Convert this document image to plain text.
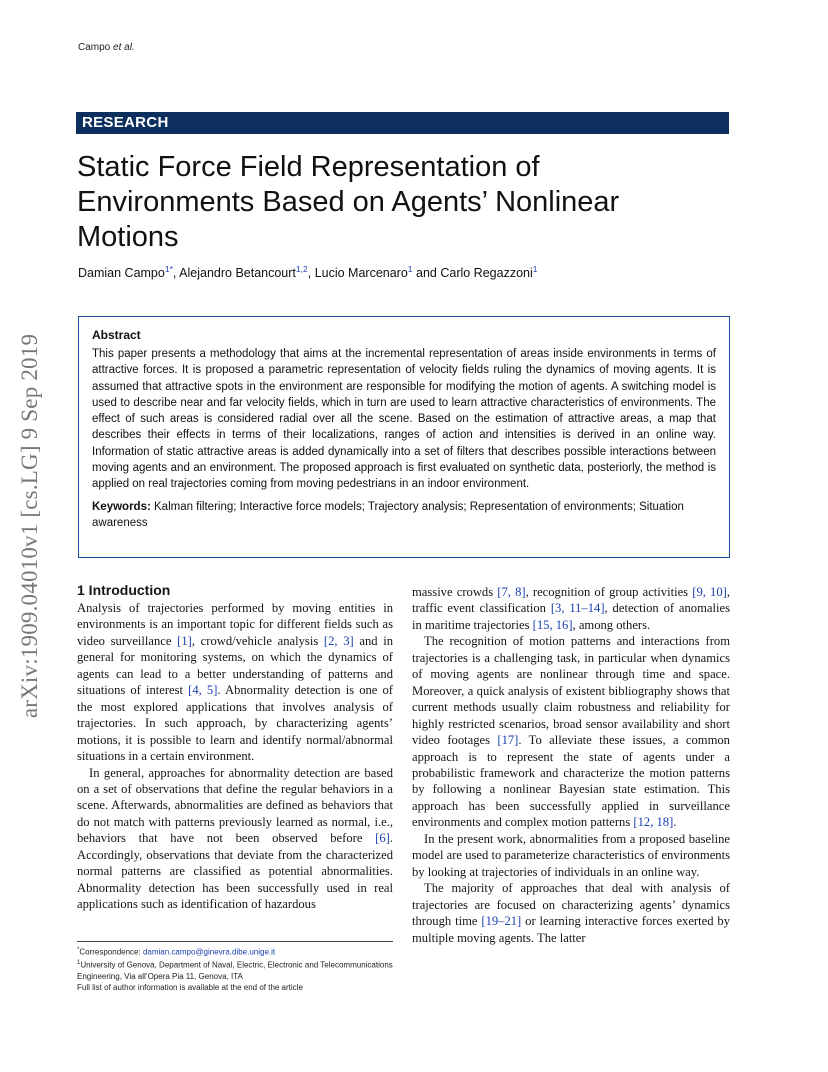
Campo et al.
RESEARCH
Static Force Field Representation of Environments Based on Agents’ Nonlinear Motions
Damian Campo$^{1*}$, Alejandro Betancourt$^{1,2}$, Lucio Marcenaro$^1$ and Carlo Regazzoni$^1$
arXiv:1909.04010v1 [cs.LG] 9 Sep 2019	Abstract
This paper presents a methodology that aims at the incremental representation of areas inside environments in terms of attractive forces. It is proposed a parametric representation of velocity fields ruling the dynamics of moving agents. It is assumed that attractive spots in the environment are responsible for modifying the motion of agents. A switching model is used to describe near and far velocity fields, which in turn are used to learn attractive characteristics of environments. The effect of such areas is considered radial over all the scene. Based on the estimation of attractive areas, a map that describes their effects in terms of their localizations, ranges of action and intensities is derived in an online way. Information of static attractive areas is added dynamically into a set of filters that describes possible interactions between moving agents and an environment. The proposed approach is first evaluated on synthetic data, posteriorly, the method is applied on real trajectories coming from moving pedestrians in an indoor environment.
Keywords: Kalman filtering; Interactive force models; Trajectory analysis; Representation of environments; Situation awareness
1 Introduction

Analysis of trajectories performed by moving entities in environments is an important topic for different fields such as video surveillance [1], crowd/vehicle analysis [2, 3] and in general for monitoring systems, on which the dynamics of agents can lead to a better understanding of patterns and situations of interest [4, 5]. Abnormality detection is one of the most explored applications that involves analysis of trajectories. In such approach, by characterizing agents’ motions, it is possible to learn and identify normal/abnormal situations in a certain environment.

In general, approaches for abnormality detection are based on a set of observations that define the regular behaviors in a scene. Afterwards, abnormalities are defined as behaviors that do not match with patterns previously learned as normal, i.e., behaviors that have not been observed before [6]. Accordingly, observations that deviate from the characterized normal patterns are classified as potential abnormalities. Abnormality detection has been successfully used in real applications such as identification of hazardous

massive crowds [7, 8], recognition of group activities [9, 10], traffic event classification [3, 11–14], detection of anomalies in maritime trajectories [15, 16], among others.

The recognition of motion patterns and interactions from trajectories is a challenging task, in particular when dynamics of moving agents are nonlinear through time and space. Moreover, a quick analysis of existent bibliography shows that current methods usually claim robustness and reliability for highly restricted scenarios, broad sensor availability and short video footages [17]. To alleviate these issues, a common approach is to represent the state of agents under a probabilistic framework and characterize the motion patterns by following a nonlinear Bayesian state estimation. This approach has been successfully applied in surveillance environments and complex motion patterns [12, 18].

In the present work, abnormalities from a proposed baseline model are used to parameterize characteristics of environments by looking at trajectories of individuals in an online way.

The majority of approaches that deal with analysis of trajectories are focused on characterizing agents’ dynamics through time [19–21] or learning interactive forces exerted by multiple moving agents. The latter

*Correspondence: damian.campo@ginevra.dibe.unige.it
$^1$University of Genova, Department of Naval, Electric, Electronic and Telecommunications Engineering, Via all’Opera Pia 11, Genova, ITA
Full list of author information is available at the end of the article
